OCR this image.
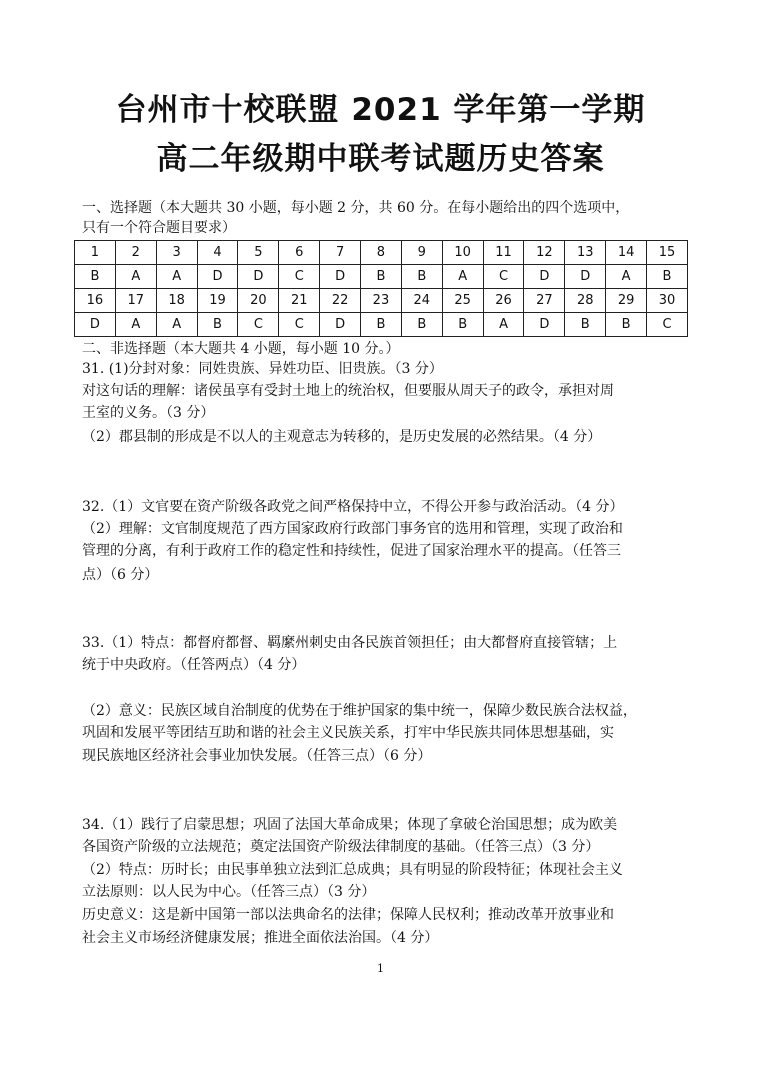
台州市十校联盟 2021 学年第一学期
高二年级期中联考试题历史答案
一、选择题（本大题共 30 小题，每小题 2 分，共 60 分。在每小题给出的四个选项中，
只有一个符合题目要求）
1	2	3	4	5	6	7	8	9	10	11	12	13	14	15
B	A	A	D	D	C	D	B	B	A	C	D	D	A	B
16	17	18	19	20	21	22	23	24	25	26	27	28	29	30
D	A	A	B	C	C	D	B	B	B	A	D	B	B	C
二、非选择题（本大题共 4 小题，每小题 10 分。）
31. (1)分封对象：同姓贵族、异姓功臣、旧贵族。（3 分）
对这句话的理解：诸侯虽享有受封土地上的统治权，但要服从周天子的政令，承担对周
王室的义务。（3 分）
（2）郡县制的形成是不以人的主观意志为转移的，是历史发展的必然结果。（4 分）
32.（1）文官要在资产阶级各政党之间严格保持中立，不得公开参与政治活动。（4 分）
（2）理解：文官制度规范了西方国家政府行政部门事务官的选用和管理，实现了政治和
管理的分离，有利于政府工作的稳定性和持续性，促进了国家治理水平的提高。（任答三
点）（6 分）
33.（1）特点：都督府都督、羁縻州刺史由各民族首领担任；由大都督府直接管辖；上
统于中央政府。（任答两点）（4 分）
（2）意义：民族区域自治制度的优势在于维护国家的集中统一，保障少数民族合法权益，
巩固和发展平等团结互助和谐的社会主义民族关系，打牢中华民族共同体思想基础，实
现民族地区经济社会事业加快发展。（任答三点）（6 分）
34.（1）践行了启蒙思想；巩固了法国大革命成果；体现了拿破仑治国思想；成为欧美
各国资产阶级的立法规范；奠定法国资产阶级法律制度的基础。（任答三点）（3 分）
（2）特点：历时长；由民事单独立法到汇总成典；具有明显的阶段特征；体现社会主义
立法原则：以人民为中心。（任答三点）（3 分）
历史意义：这是新中国第一部以法典命名的法律；保障人民权利；推动改革开放事业和
社会主义市场经济健康发展；推进全面依法治国。（4 分）
1
